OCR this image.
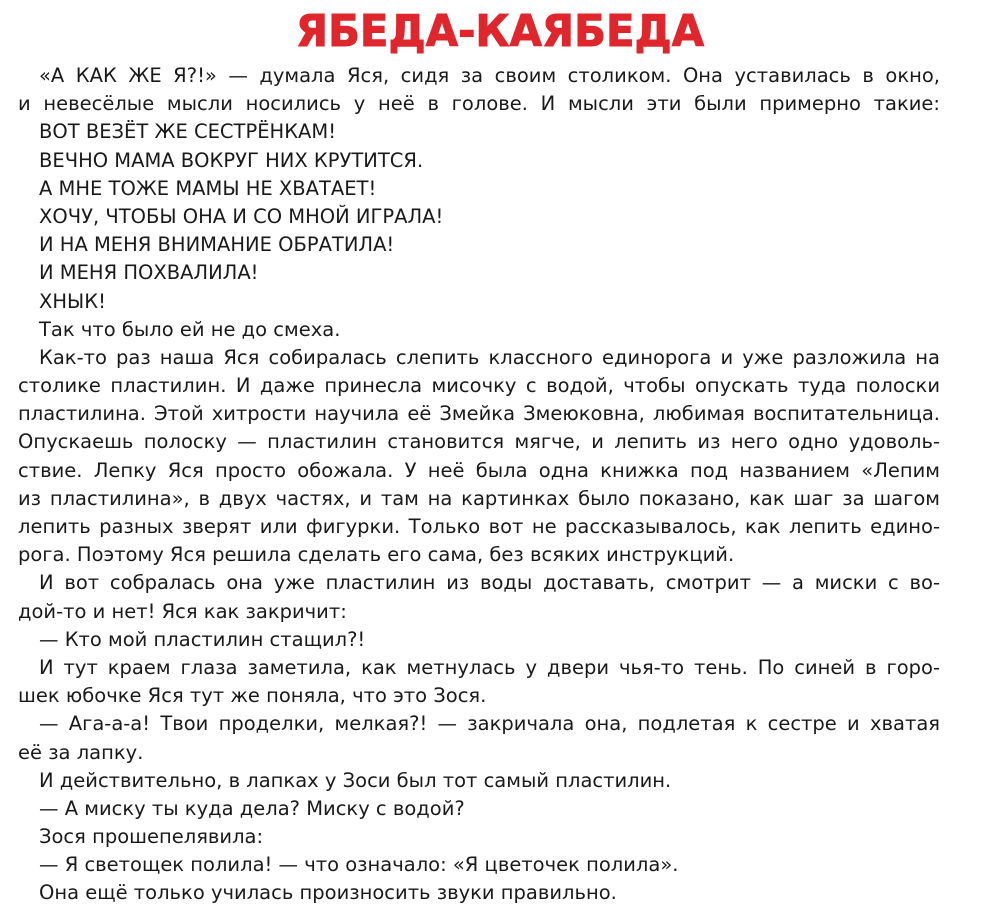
ЯБЕДА-КАЯБЕДА
«А КАК ЖЕ Я?!» — думала Яся, сидя за своим столиком. Она уставилась в окно,
и невесёлые мысли носились у неё в голове. И мысли эти были примерно такие:
ВОТ ВЕЗЁТ ЖЕ СЕСТРЁНКАМ!
ВЕЧНО МАМА ВОКРУГ НИХ КРУТИТСЯ.
А МНЕ ТОЖЕ МАМЫ НЕ ХВАТАЕТ!
ХОЧУ, ЧТОБЫ ОНА И СО МНОЙ ИГРАЛА!
И НА МЕНЯ ВНИМАНИЕ ОБРАТИЛА!
И МЕНЯ ПОХВАЛИЛА!
ХНЫК!
Так что было ей не до смеха.
Как-то раз наша Яся собиралась слепить классного единорога и уже разложила на
столике пластилин. И даже принесла мисочку с водой, чтобы опускать туда полоски
пластилина. Этой хитрости научила её Змейка Змеюковна, любимая воспитательница.
Опускаешь полоску — пластилин становится мягче, и лепить из него одно удоволь-
ствие. Лепку Яся просто обожала. У неё была одна книжка под названием «Лепим
из пластилина», в двух частях, и там на картинках было показано, как шаг за шагом
лепить разных зверят или фигурки. Только вот не рассказывалось, как лепить едино-
рога. Поэтому Яся решила сделать его сама, без всяких инструкций.
И вот собралась она уже пластилин из воды доставать, смотрит — а миски с во-
дой-то и нет! Яся как закричит:
— Кто мой пластилин стащил?!
И тут краем глаза заметила, как метнулась у двери чья-то тень. По синей в горо-
шек юбочке Яся тут же поняла, что это Зося.
— Ага-а-а! Твои проделки, мелкая?! — закричала она, подлетая к сестре и хватая
её за лапку.
И действительно, в лапках у Зоси был тот самый пластилин.
— А миску ты куда дела? Миску с водой?
Зося прошепелявила:
— Я светощек полила! — что означало: «Я цветочек полила».
Она ещё только училась произносить звуки правильно.
